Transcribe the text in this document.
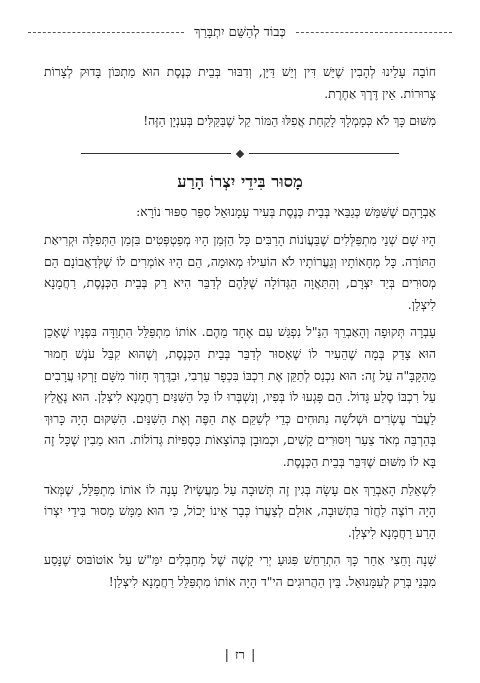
כְּבוֹד לְהַשֵּׁם יִתְבָּרַךְ

חוֹבָה עָלֵינוּ לְהָבִין שֶׁיֵּשׁ דִּין וְיֵשׁ דַּיָּן, וְדִבּוּר בְּבֵית כְּנֶסֶת הוּא מַתְכּוֹן בָּדוּק לְצָרוֹת צְרוּרוֹת. אֵין דֶּרֶךְ אַחֶרֶת.

מִשּׁוּם כָּךְ לֹא כְּמָמְלָךְ לָקַחַת אֲפִלּוּ הַמּוֹר קַל שֶׁבַּקַּלִּים בְּעִנְיָן הַזֶּה!

מָסוּר בִּידֵי יִצְרוֹ הָרַע

אַבְרָהָם שֶׁשִּׁמֵּשׁ כְּגַבַּאי בְּבֵית כְּנֶסֶת בְּעִיר עָמָנוּאֵל סִפֵּר סִפּוּר נוֹרָא:

הָיוּ שָׁם שְׁנֵי מִתְפַּלְּלִים שֶׁבַּעֲוֹנוֹת הָרַבִּים כָּל הַזְּמַן הָיוּ מְפַטְפְּטִים בִּזְמַן הַתְּפִלָּה וּקְרִיאַת הַתּוֹרָה. כָּל מְחָאוֹתָיו וְגַעֲרוֹתָיו לֹא הוֹעִילוּ מְאוּמָה, הֵם הָיוּ אוֹמְרִים לוֹ שֶׁלְּדַאֲבוֹנָם הֵם מְסוּרִים בְּיַד יִצְרָם, וְהַתַּאֲוָה הַגְּדוֹלָה שֶׁלָּהֶם לְדַבֵּר הִיא רַק בְּבֵית הַכְּנֶסֶת, רַחֲמָנָא לִיצְלַן.

עָבְרָה תְּקוּפָה וְהָאַבְרֵךְ הַנַּ"ל נִפְגַּשׁ עִם אֶחָד מֵהֶם. אוֹתוֹ מִתְפַּלֵּל הִתְוַדָּה בִּפְנָיו שֶׁאָכֵן הוּא צָדַק בְּמָה שֶׁהֵעִיר לוֹ שֶׁאָסוּר לְדַבֵּר בְּבֵית הַכְּנֶסֶת, וְשֶׁהוּא קִבֵּל עֹנֶשׁ חָמוּר מֵהַקָּבָּ"ה עַל זֶה: הוּא נִכְנַס לְתַקֵּן אֶת רִכְבּוֹ בִּכְפָר עַרְבִי, וּבַדֶּרֶךְ חָזוֹר מִשָּׁם זָרְקוּ עֲרָבִים עַל רִכְבּוֹ סֶלַע גָּדוֹל. הֵם פָּגְעוּ לוֹ בְּפִיו, וְנִשְׁבְּרוּ לוֹ כָּל הַשִּׁנַּיִם רַחֲמָנָא לִיצְלַן. הוּא נֶאֱלַץ לַעֲבֹר עֶשְׂרִים וּשְׁלֹשָׁה נִתּוּחִים כְּדֵי לְשַׁקֵּם אֶת הַפֶּה וְאֶת הַשִּׁנַּיִם. הַשִּׁקּוּם הָיָה כָּרוּךְ בְּהַרְבֵּה מְאֹד צַעַר וְיִסּוּרִים קָשִׁים, וּכְמוּבָן בְּהוֹצָאוֹת כַּסְפִּיּוֹת גְּדוֹלוֹת. הוּא מֵבִין שֶׁכָּל זֶה בָּא לוֹ מִשּׁוּם שֶׁדִּבֵּר בְּבֵית הַכְּנֶסֶת.

לִשְׁאֵלַת הָאַבְרֵךְ אִם עָשָׂה בְּגִין זֶה תְּשׁוּבָה עַל מַעֲשָׂיו? עָנָה לוֹ אוֹתוֹ מִתְפַּלֵּל, שֶׁמְּאֹד הָיָה רוֹצֶה לַחֲזֹר בִּתְשׁוּבָה, אוּלָם לְצַעֲרוֹ כְּבָר אֵינוֹ יָכוֹל, כִּי הוּא מַמָּשׁ מָסוּר בִּידֵי יִצְרוֹ הָרַע רַחֲמָנָא לִיצְלַן.

שָׁנָה וָחֵצִי אַחַר כָּךְ הִתְרַחֵשׁ פִּגּוּעַ יְרִי קָשֶׁה שֶׁל מְחַבְּלִים יִמַּ"שׁ עַל אוֹטוֹבּוּס שֶׁנָּסַע מִבְּנֵי בְּרַק לְעִמָּנוּאֵל. בֵּין הַהֲרוּגִים הי"ד הָיָה אוֹתוֹ מִתְפַּלֵּל רַחֲמָנָא לִיצְלַן!

|רז|
